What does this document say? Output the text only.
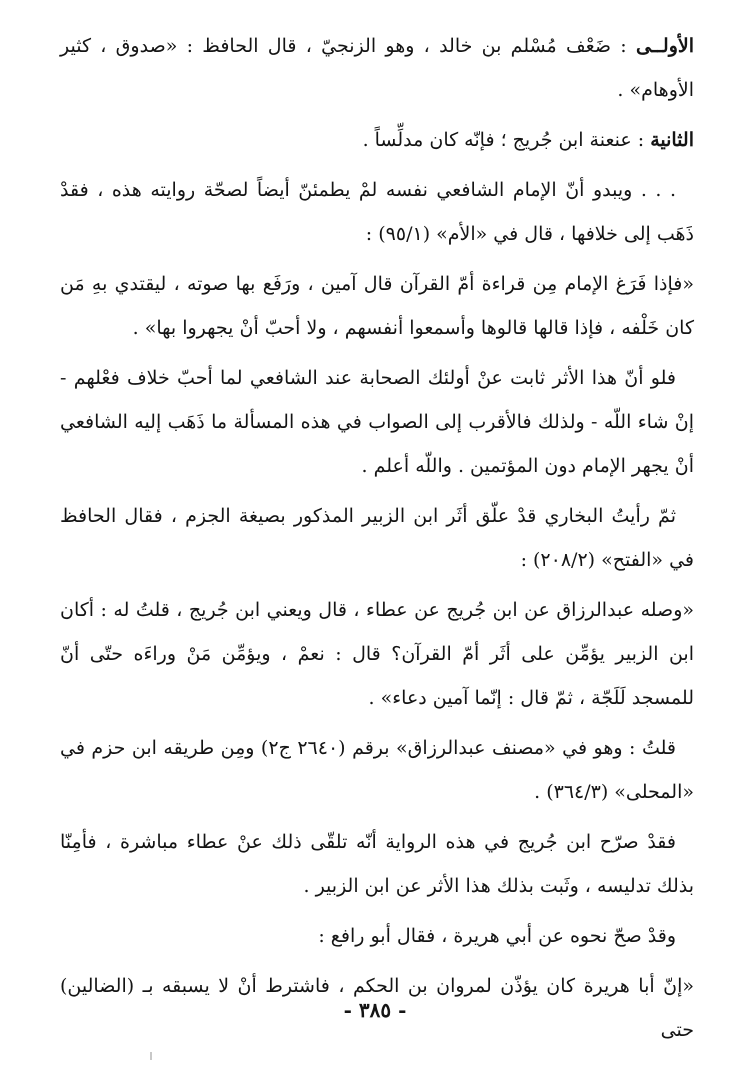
الأولــى : ضَعْف مُسْلم بن خالد ، وهو الزنجيّ ، قال الحافظ : «صدوق ، كثير الأوهام» .

الثانية : عنعنة ابن جُريج ؛ فإنّه كان مدلِّساً .

. . . ويبدو أنّ الإمام الشافعي نفسه لمْ يطمئنّ أيضاً لصحّة روايته هذه ، فقدْ ذَهَب إلى خلافها ، قال في «الأم» (٩٥/١) :

«فإذا فَرَغ الإمام مِن قراءة أمّ القرآن قال آمين ، ورَفَع بها صوته ، ليقتدي بهِ مَن كان خَلْفه ، فإذا قالها قالوها وأسمعوا أنفسهم ، ولا أحبّ أنْ يجهروا بها» .

فلو أنّ هذا الأثر ثابت عنْ أولئك الصحابة عند الشافعي لما أحبّ خلاف فعْلهم - إنْ شاء اللّه - ولذلك فالأقرب إلى الصواب في هذه المسألة ما ذَهَب إليه الشافعي أنْ يجهر الإمام دون المؤتمين . واللّه أعلم .

ثمّ رأيتُ البخاري قدْ علّق أثَر ابن الزبير المذكور بصيغة الجزم ، فقال الحافظ في «الفتح» (٢٠٨/٢) :

«وصله عبدالرزاق عن ابن جُريج عن عطاء ، قال ويعني ابن جُريج ، قلتُ له : أكان ابن الزبير يؤمِّن على أثَر أمّ القرآن؟ قال : نعمْ ، ويؤمِّن مَنْ وراءَه حتّى أنّ للمسجد لَلَجّة ، ثمّ قال : إنّما آمين دعاء» .

قلتُ : وهو في «مصنف عبدالرزاق» برقم (٢٦٤٠ ج٢) ومِن طريقه ابن حزم في «المحلى» (٣٦٤/٣) .

فقدْ صرّح ابن جُريج في هذه الرواية أنّه تلقّى ذلك عنْ عطاء مباشرة ، فأمِنّا بذلك تدليسه ، وثَبت بذلك هذا الأثر عن ابن الزبير .

وقدْ صحّ نحوه عن أبي هريرة ، فقال أبو رافع :

«إنّ أبا هريرة كان يؤذّن لمروان بن الحكم ، فاشترط أنْ لا يسبقه بـ (الضالين) حتى

- ٣٨٥ -
